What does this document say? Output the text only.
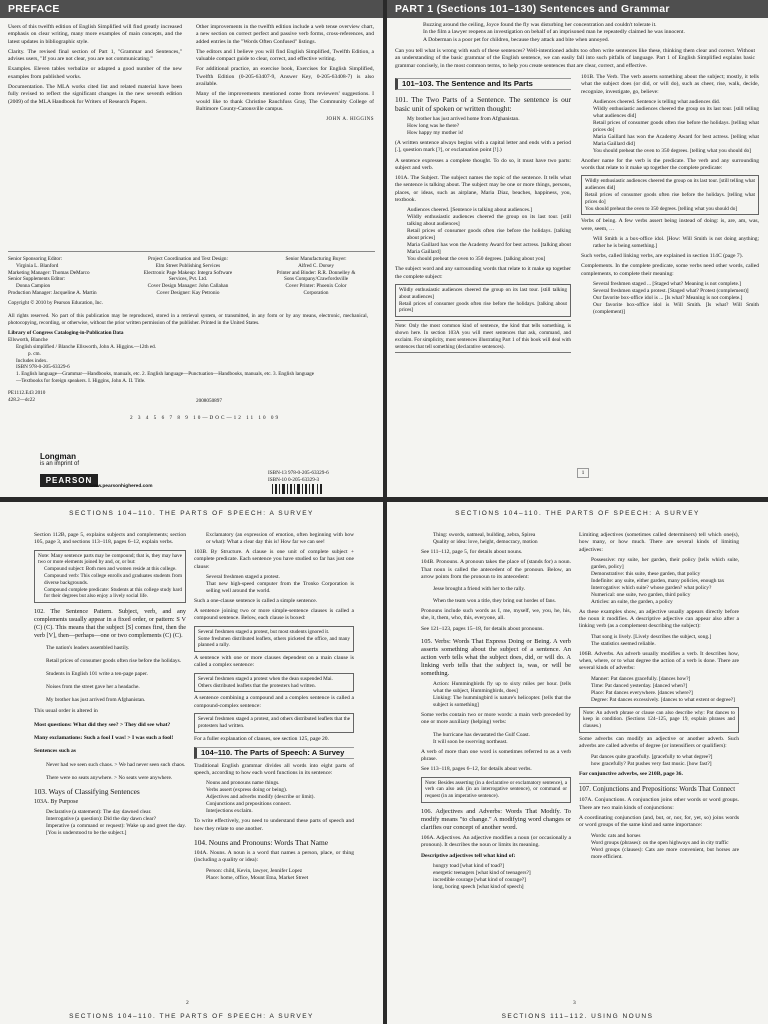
PREFACE

Users of this twelfth edition of English Simplified will find greatly increased emphasis on clear writing, many more examples of main concepts, and the latest updates in bibliographic style.

Clarity. The revised final section of Part 1, "Grammar and Sentences," advises users, "If you are not clear, you are not communicating."

Examples. Eleven tables verbalize or adapted a good number of the new examples from published works.

Documentation. The MLA works cited list and related material have been fully revised to reflect the significant changes in the new seventh edition (2009) of the MLA Handbook for Writers of Research Papers.

Other improvements in the twelfth edition include a web tense overview chart, a new section on correct perfect and passive verb forms, cross-references, and added entries in the "Words Often Confused" listings.

The editors and I believe you will find English Simplified, Twelfth Edition, a valuable compact guide to clear, correct, and effective writing.

For additional practice, an exercise book, Exercises for English Simplified, Twelfth Edition (0-205-63407-9, Answer Key, 0-205-63408-7) is also available.

Many of the improvements mentioned come from reviewers' suggestions. I would like to thank Christine Rauchfuss Gray, The Community College of Baltimore County-Catonsville campus.

JOHN A. HIGGINS

Senior Sponsoring Editor:
Virginia L. Blanford
Marketing Manager: Thomas DeMarco
Senior Supplements Editor:
Donna Campion
Production Manager: Jacqueline A. Martin
Project Coordination and Text Design:
Elm Street Publishing Services
Electronic Page Makeup: Integra Software
Services, Pvt. Ltd.
Cover Design Manager: John Callahan
Cover Designer: Kay Petronio
Senior Manufacturing Buyer:
Alfred C. Dorsey
Printer and Binder: R.R. Donnelley &
Sons Company/Crawfordsville
Cover Printer: Phoenix Color
Corporation
Copyright © 2010 by Pearson Education, Inc.
All rights reserved. No part of this publication may be reproduced, stored in a retrieval system, or transmitted, in any form or by any means, electronic, mechanical, photocopying, recording, or otherwise, without the prior written permission of the publisher. Printed in the United States.
Library of Congress Cataloging-in-Publication Data
Ellsworth, Blanche
English simplified / Blanche Ellsworth, John A. Higgins.—12th ed.
p. cm.
Includes index.
ISBN 978-0-205-63329-6
1. English language—Grammar—Handbooks, manuals, etc. 2. English language—Punctuation—Handbooks, manuals, etc. 3. English language—Textbooks for foreign speakers. I. Higgins, John A. II. Title.
PE1112.E43 2010
428.2—dc22	2008050897
2 3 4 5 6 7 8 9 10—DOC—12 11 10 09
Longman
is an imprint of
PEARSON
www.pearsonhighered.com
ISBN-13 978-0-205-63329-6
ISBN-10 0-205-63329-3
PART 1 (Sections 101–130) Sentences and Grammar
Buzzing around the ceiling, Joyce found the fly was disturbing her concentration and couldn't tolerate it.
In the film a lawyer reopens an investigation on behalf of an imprisoned man he repeatedly claimed he was innocent.
A Doberman is a poor pet for children, because they attack and bite when annoyed.
Can you tell what is wrong with each of these sentences? Well-intentioned adults too often write sentences like these, thinking them clear and correct. Without an understanding of the basic grammar of the English sentence, we can easily fall into such pitfalls of language. Part 1 of English Simplified explains basic grammar concisely, in the most common terms, to help you create sentences that are clear, correct, and effective.
101–103. The Sentence and Its Parts
101. The Two Parts of a Sentence. The sentence is our basic unit of spoken or written thought:
My brother has just arrived home from Afghanistan.
How long was he there?
How happy my mother is!

(A written sentence always begins with a capital letter and ends with a period [.], question mark [?], or exclamation point [!].)

A sentence expresses a complete thought. To do so, it must have two parts: subject and verb.

101A. The Subject. The subject names the topic of the sentence. It tells what the sentence is talking about. The subject may be one or more things, persons, places, or ideas, such as airplane, Maria Diaz, beaches, happiness, you, textbook.

Audiences cheered. [Sentence is talking about audiences.]
Wildly enthusiastic audiences cheered the group on its last tour. [still talking about audiences]
Retail prices of consumer goods often rise before the holidays. [talking about prices]
Maria Gaillard has won the Academy Award for best actress. [talking about Maria Gaillard]
You should preheat the oven to 350 degrees. [talking about you]

The subject word and any surrounding words that relate to it make up together the complete subject:

Wildly enthusiastic audiences cheered the group on its last tour. [still talking about audiences]
Retail prices of consumer goods often rise before the holidays. [talking about prices]
Note: Only the most common kind of sentence, the kind that tells something, is shown here. In section 103A you will meet sentences that ask, command, and exclaim. For simplicity, most sentences illustrating Part 1 of this book will deal with sentences that tell something (declarative sentences).

101B. The Verb. The verb asserts something about the subject; mostly, it tells what the subject does (or did, or will do), such as cheer, rise, walk, decide, recognize, investigate, go, believe:

Audiences cheered. Sentence is telling what audiences did.
Wildly enthusiastic audiences cheered the group on its last tour. [still telling what audiences did]
Retail prices of consumer goods often rise before the holidays. [telling what prices do]
Maria Gaillard has won the Academy Award for best actress. [telling what Maria Gaillard did]
You should preheat the oven to 350 degrees. [telling what you should do]

Another name for the verb is the predicate. The verb and any surrounding words that relate to it make up together the complete predicate:

Wildly enthusiastic audiences cheered the group on its last tour. [still telling what audiences did]
Retail prices of consumer goods often rise before the holidays. [telling what prices do]
You should preheat the oven to 350 degrees. [telling what you should do]

Verbs of being. A few verbs assert being instead of doing: is, are, am, was, were, seem, …

Will Smith is a box-office idol. [How: Will Smith is not doing anything; rather he is being something.]

Such verbs, called linking verbs, are explained in section 114C (page 7).

Complements. In the complete predicate, some verbs need other words, called complements, to complete their meaning:

Several freshmen staged ... [Staged what? Meaning is not complete.]
Several freshmen staged a protest. [Staged what? Protest (complement)]
Our favorite box-office idol is ... [Is what? Meaning is not complete.]
Our favorite box-office idol is Will Smith. [Is what? Will Smith (complement)]
1
SECTIONS 104–110. THE PARTS OF SPEECH: A SURVEY

Section 112B, page 5, explains subjects and complements; section 105, page 3, and sections 113–118, pages 6–12, explain verbs.

Note: Many sentence parts may be compound; that is, they may have two or more elements joined by and, or, or but:
Compound subject: Both men and women reside at this college.
Compound verb: This college enrolls and graduates students from diverse backgrounds.
Compound complete predicate: Students at this college study hard for their degrees but also enjoy a lively social life.
102. The Sentence Pattern. Subject, verb, and any complements usually appear in a fixed order, or pattern: S V (C) (C). This means that the subject [S] comes first, then the verb [V], then—perhaps—one or two complements (C) (C).
The nation's leaders assembled hastily.
Retail prices of consumer goods often rise before the holidays.
Students in English 101 write a ten-page paper.
Noises from the street gave her a headache.
My brother has just arrived from Afghanistan.

This usual order is altered in

Most questions: What did they see? > They did see what?

Many exclamations: Such a fool I was! > I was such a fool!

Sentences such as

Never had we seen such chaos. > We had never seen such chaos.
There were no seats anywhere. > No seats were anywhere.
103. Ways of Classifying Sentences
103A. By Purpose
Declarative (a statement): The day dawned clear.
Interrogative (a question): Did the day dawn clear?
Imperative (a command or request): Wake up and greet the day. [You is understood to be the subject.]
Exclamatory (an expression of emotion, often beginning with how or what): What a clear day this is! How far we can see!

103B. By Structure. A clause is one unit of complete subject + complete predicate. Each sentence you have studied so far has just one clause:

Several freshmen staged a protest.
That new high-speed computer from the Tronko Corporation is selling well around the world.

Such a one-clause sentence is called a simple sentence.

A sentence joining two or more simple-sentence clauses is called a compound sentence. Below, each clause is boxed:

Several freshmen staged a protest, but most students ignored it.
Some freshmen distributed leaflets, others picketed the office, and many planned a rally.

A sentence with one or more clauses dependent on a main clause is called a complex sentence:

Several freshmen staged a protest when the dean suspended Mai.
Others distributed leaflets that the protesters had written.

A sentence combining a compound and a complex sentence is called a compound-complex sentence:

Several freshmen staged a protest, and others distributed leaflets that the protesters had written.

For a fuller explanation of clauses, see section 125, page 20.

104–110. The Parts of Speech: A Survey

Traditional English grammar divides all words into eight parts of speech, according to how each word functions in its sentence:

Nouns and pronouns name things.
Verbs assert (express doing or being).
Adjectives and adverbs modify (describe or limit).
Conjunctions and prepositions connect.
Interjections exclaim.

To write effectively, you need to understand these parts of speech and how they relate to one another.

104. Nouns and Pronouns: Words That Name

104A. Nouns. A noun is a word that names a person, place, or thing (including a quality or idea):

Person: child, Kevin, lawyer, Jennifer Lopez
Place: home, office, Mount Etna, Market Street
2
SECTIONS 104–110. THE PARTS OF SPEECH: A SURVEY
SECTIONS 104–110. THE PARTS OF SPEECH: A SURVEY
Thing: swords, oatmeal, building, zebra, Spirea
Quality or idea: love, height, democracy, motion

See 111–112, page 5, for details about nouns.

104B. Pronouns. A pronoun takes the place of (stands for) a noun. That noun is called the antecedent of the pronoun. Below, an arrow points from the pronoun to its antecedent:

Jesse brought a friend with her to the rally.
When the team won a title, they bring out hordes of fans.

Pronouns include such words as I, me, myself, we, you, he, his, she, it, them, who, this, everyone, all.

See 121–123, pages 15–18, for details about pronouns.

105. Verbs: Words That Express Doing or Being. A verb asserts something about the subject of a sentence. An action verb tells what the subject does, did, or will do. A linking verb tells that the subject is, was, or will be something.
Action: Hummingbirds fly up to sixty miles per hour. [tells what the subject, Hummingbirds, does]
Linking: The hummingbird is nature's helicopter. [tells that the subject is something]

Some verbs contain two or more words: a main verb preceded by one or more auxiliary (helping) verbs:

The hurricane has devastated the Gulf Coast.
It will soon be swerving northeast.

A verb of more than one word is sometimes referred to as a verb phrase.

See 113–118, pages 6–12, for details about verbs.

Note: Besides asserting (in a declarative or exclamatory sentence), a verb can also ask (in an interrogative sentence), or command or request (in an imperative sentence).
106. Adjectives and Adverbs: Words That Modify. To modify means "to change." A modifying word changes or clarifies our concept of another word.

106A. Adjectives. An adjective modifies a noun (or occasionally a pronoun). It describes the noun or limits its meaning.

Descriptive adjectives tell what kind of:

hungry toad [what kind of toad?]
energetic teenagers [what kind of teenagers?]
incredible courage [what kind of courage?]
long, boring speech [what kind of speech]

Limiting adjectives (sometimes called determiners) tell which one(s), how many, or how much. There are several kinds of limiting adjectives:

Possessive: my suite, her garden, their policy [tells which suite, garden, policy]
Demonstrative: this suite, these garden, that policy
Indefinite: any suite, either garden, many policies, enough tax
Interrogative: which suite? whose garden? what policy?
Numerical: one suite, two garden, third policy
Articles: an suite, the garden, a policy

As these examples show, an adjective usually appears directly before the noun it modifies. A descriptive adjective can appear also after a linking verb (as a complement describing the subject):

That song is lively. [Lively describes the subject, song.]
The statistics seemed reliable.

106B. Adverbs. An adverb usually modifies a verb. It describes how, when, where, or to what degree the action of a verb is done. There are several kinds of adverbs:

Manner: Pat dances gracefully. [dances how?]
Time: Pat danced yesterday. [danced when?]
Place: Pat dances everywhere. [dances where?]
Degree: Pat dances excessively. [dances to what extent or degree?]
Note: An adverb phrase or clause can also describe why: Pat dances to keep in condition. (Sections 124–125, page 19, explain phrases and clauses.)

Some adverbs can modify an adjective or another adverb. Such adverbs are called adverbs of degree (or intensifiers or qualifiers):

Pat dances quite gracefully. [gracefully to what degree?]
how gracefully? Pat pushes very fast music. [how fast?]

For conjunctive adverbs, see 210B, page 36.

107. Conjunctions and Prepositions: Words That Connect

107A. Conjunctions. A conjunction joins other words or word groups. There are two main kinds of conjunctions:

A coordinating conjunction (and, but, or, nor, for, yet, so) joins words or word groups of the same kind and same importance:

Words: cats and horses
Word groups (phrases): on the open highways and in city traffic
Word groups (clauses): Cats are more convenient, but horses are more efficient.
3
SECTIONS 111–112. USING NOUNS
